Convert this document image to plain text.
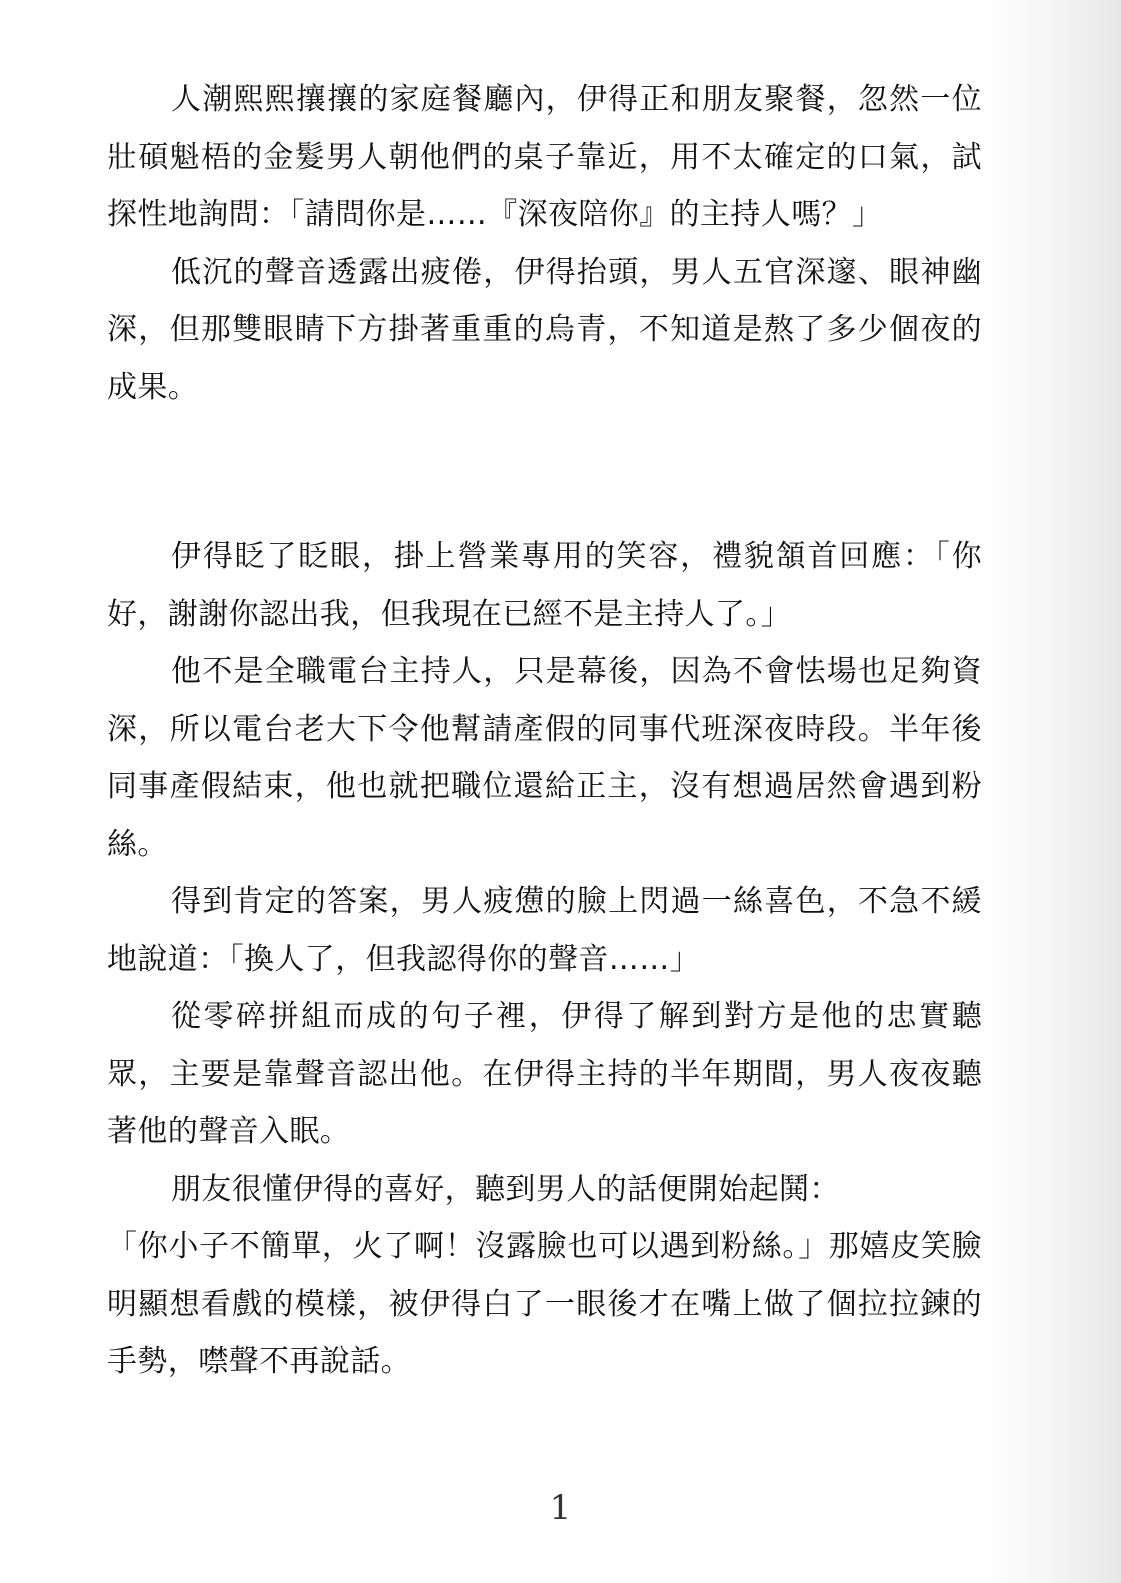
人潮熙熙攘攘的家庭餐廳內，伊得正和朋友聚餐，忽然一位壯碩魁梧的金髮男人朝他們的桌子靠近，用不太確定的口氣，試探性地詢問：「請問你是……『深夜陪你』的主持人嗎？」

低沉的聲音透露出疲倦，伊得抬頭，男人五官深邃、眼神幽深，但那雙眼睛下方掛著重重的烏青，不知道是熬了多少個夜的成果。

伊得眨了眨眼，掛上營業專用的笑容，禮貌頷首回應：「你好，謝謝你認出我，但我現在已經不是主持人了。」

他不是全職電台主持人，只是幕後，因為不會怯場也足夠資深，所以電台老大下令他幫請產假的同事代班深夜時段。半年後同事產假結束，他也就把職位還給正主，沒有想過居然會遇到粉絲。

得到肯定的答案，男人疲憊的臉上閃過一絲喜色，不急不緩地說道：「換人了，但我認得你的聲音……」

從零碎拼組而成的句子裡，伊得了解到對方是他的忠實聽眾，主要是靠聲音認出他。在伊得主持的半年期間，男人夜夜聽著他的聲音入眠。

朋友很懂伊得的喜好，聽到男人的話便開始起鬨：

「你小子不簡單，火了啊！沒露臉也可以遇到粉絲。」那嬉皮笑臉明顯想看戲的模樣，被伊得白了一眼後才在嘴上做了個拉拉鍊的手勢，噤聲不再說話。

1
